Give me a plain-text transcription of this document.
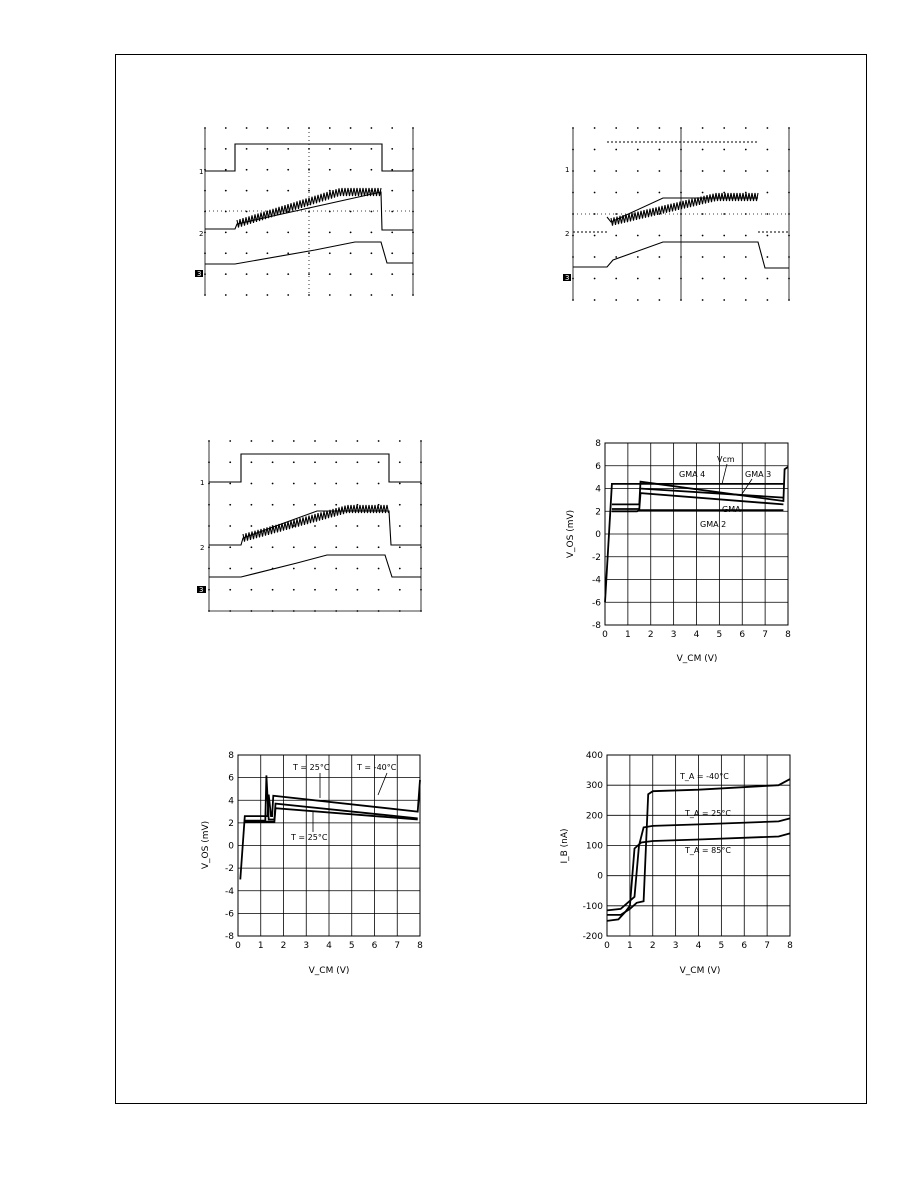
1
2
3
1
2
3
1
2
3
V_OS (mV)
V_CM (V)
Vcm
GMA 4	GMA 3
GMA
GMA 2
0 1 2 3 4 5 6 7 8
8
6
4
2
0
-2
-4
-6
-8
V_OS (mV)
V_CM (V)
T = 25°C	T = -40°C
T = 25°C
0 1 2 3 4 5 6 7 8
8
6
4
2
0
-2
-4
-6
-8
I_B (nA)
V_CM (V)
T_A = -40°C
T_A = 25°C
T_A = 85°C
0 1 2 3 4 5 6 7 8
400
300
200
100
0
-100
-200
